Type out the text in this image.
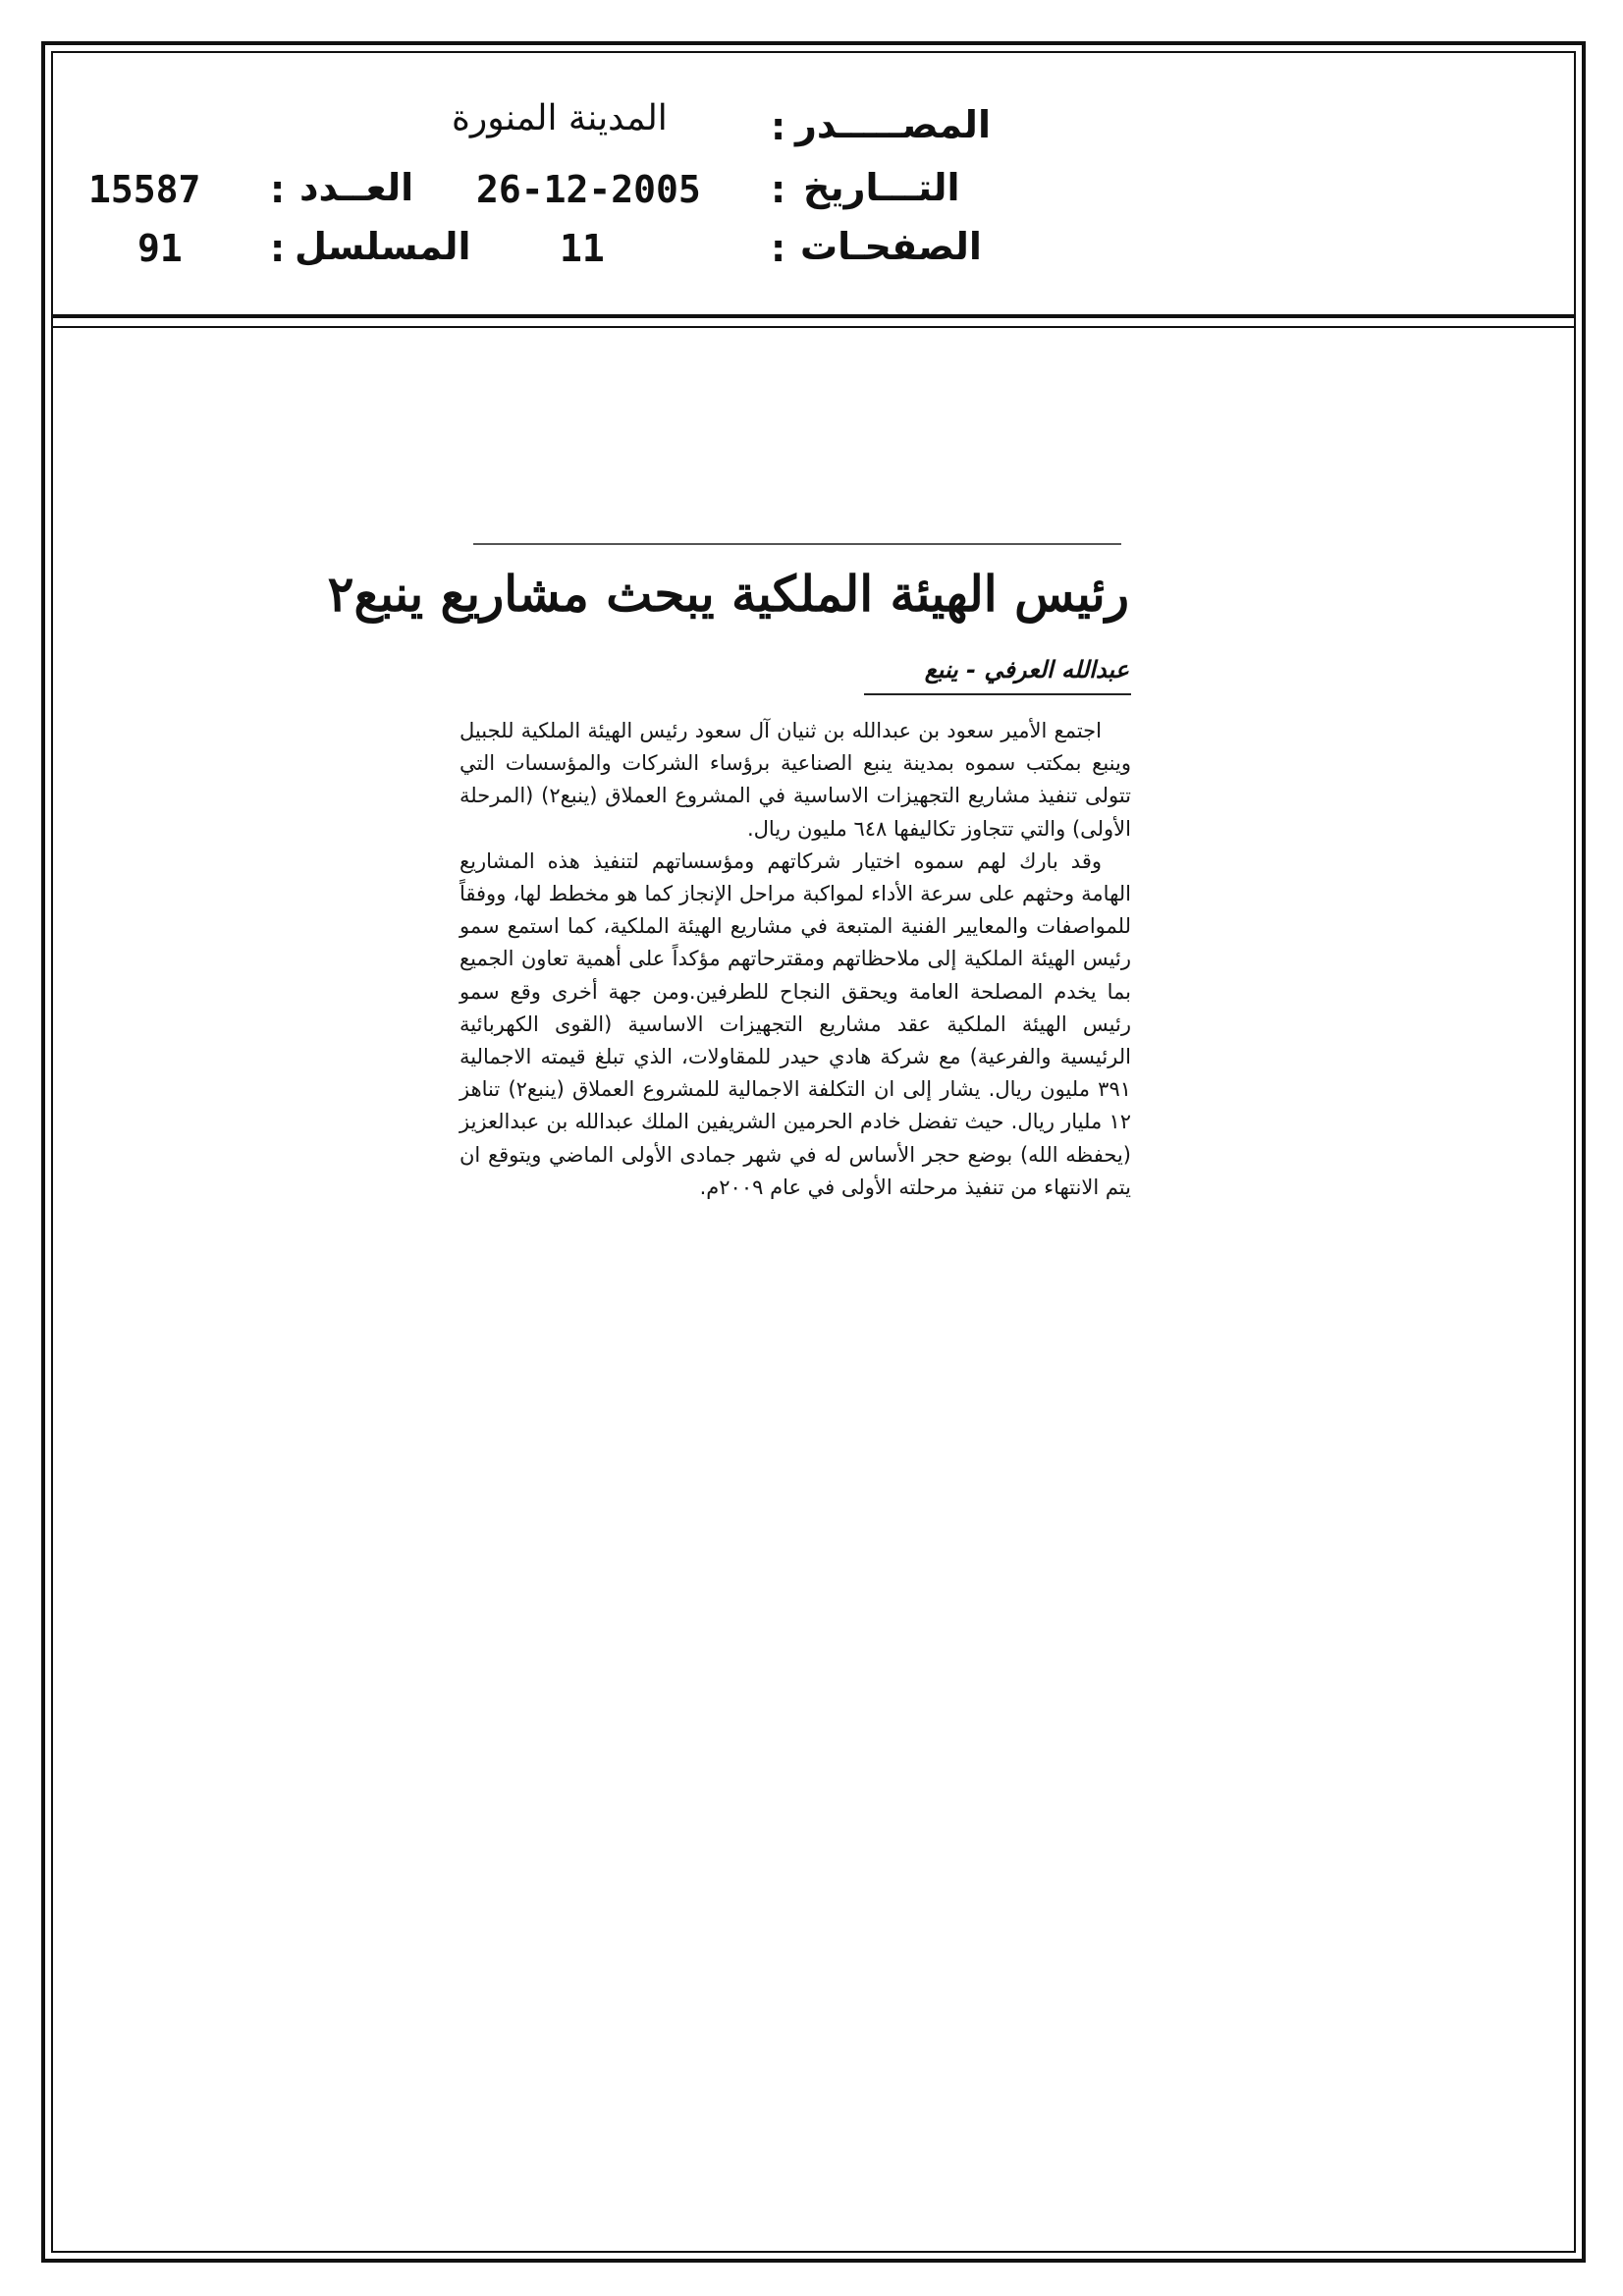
المصـــــدر
:
المدينة المنورة
التـــاريخ
:
26-12-2005
العــدد
:
15587
الصفحـات
:
11
المسلسل
:
91
رئيس الهيئة الملكية يبحث مشاريع ينبع٢
عبدالله العرفي - ينبع

اجتمع الأمير سعود بن عبدالله بن ثنيان آل سعود رئيس الهيئة الملكية للجبيل وينبع بمكتب سموه بمدينة ينبع الصناعية برؤساء الشركات والمؤسسات التي تتولى تنفيذ مشاريع التجهيزات الاساسية في المشروع العملاق (ينبع٢) (المرحلة الأولى) والتي تتجاوز تكاليفها ٦٤٨ مليون ريال.

وقد بارك لهم سموه اختيار شركاتهم ومؤسساتهم لتنفيذ هذه المشاريع الهامة وحثهم على سرعة الأداء لمواكبة مراحل الإنجاز كما هو مخطط لها، ووفقاً للمواصفات والمعايير الفنية المتبعة في مشاريع الهيئة الملكية، كما استمع سمو رئيس الهيئة الملكية إلى ملاحظاتهم ومقترحاتهم مؤكداً على أهمية تعاون الجميع بما يخدم المصلحة العامة ويحقق النجاح للطرفين.ومن جهة أخرى وقع سمو رئيس الهيئة الملكية عقد مشاريع التجهيزات الاساسية (القوى الكهربائية الرئيسية والفرعية) مع شركة هادي حيدر للمقاولات، الذي تبلغ قيمته الاجمالية ٣٩١ مليون ريال. يشار إلى ان التكلفة الاجمالية للمشروع العملاق (ينبع٢) تناهز ١٢ مليار ريال. حيث تفضل خادم الحرمين الشريفين الملك عبدالله بن عبدالعزيز (يحفظه الله) بوضع حجر الأساس له في شهر جمادى الأولى الماضي ويتوقع ان يتم الانتهاء من تنفيذ مرحلته الأولى في عام ٢٠٠٩م.
